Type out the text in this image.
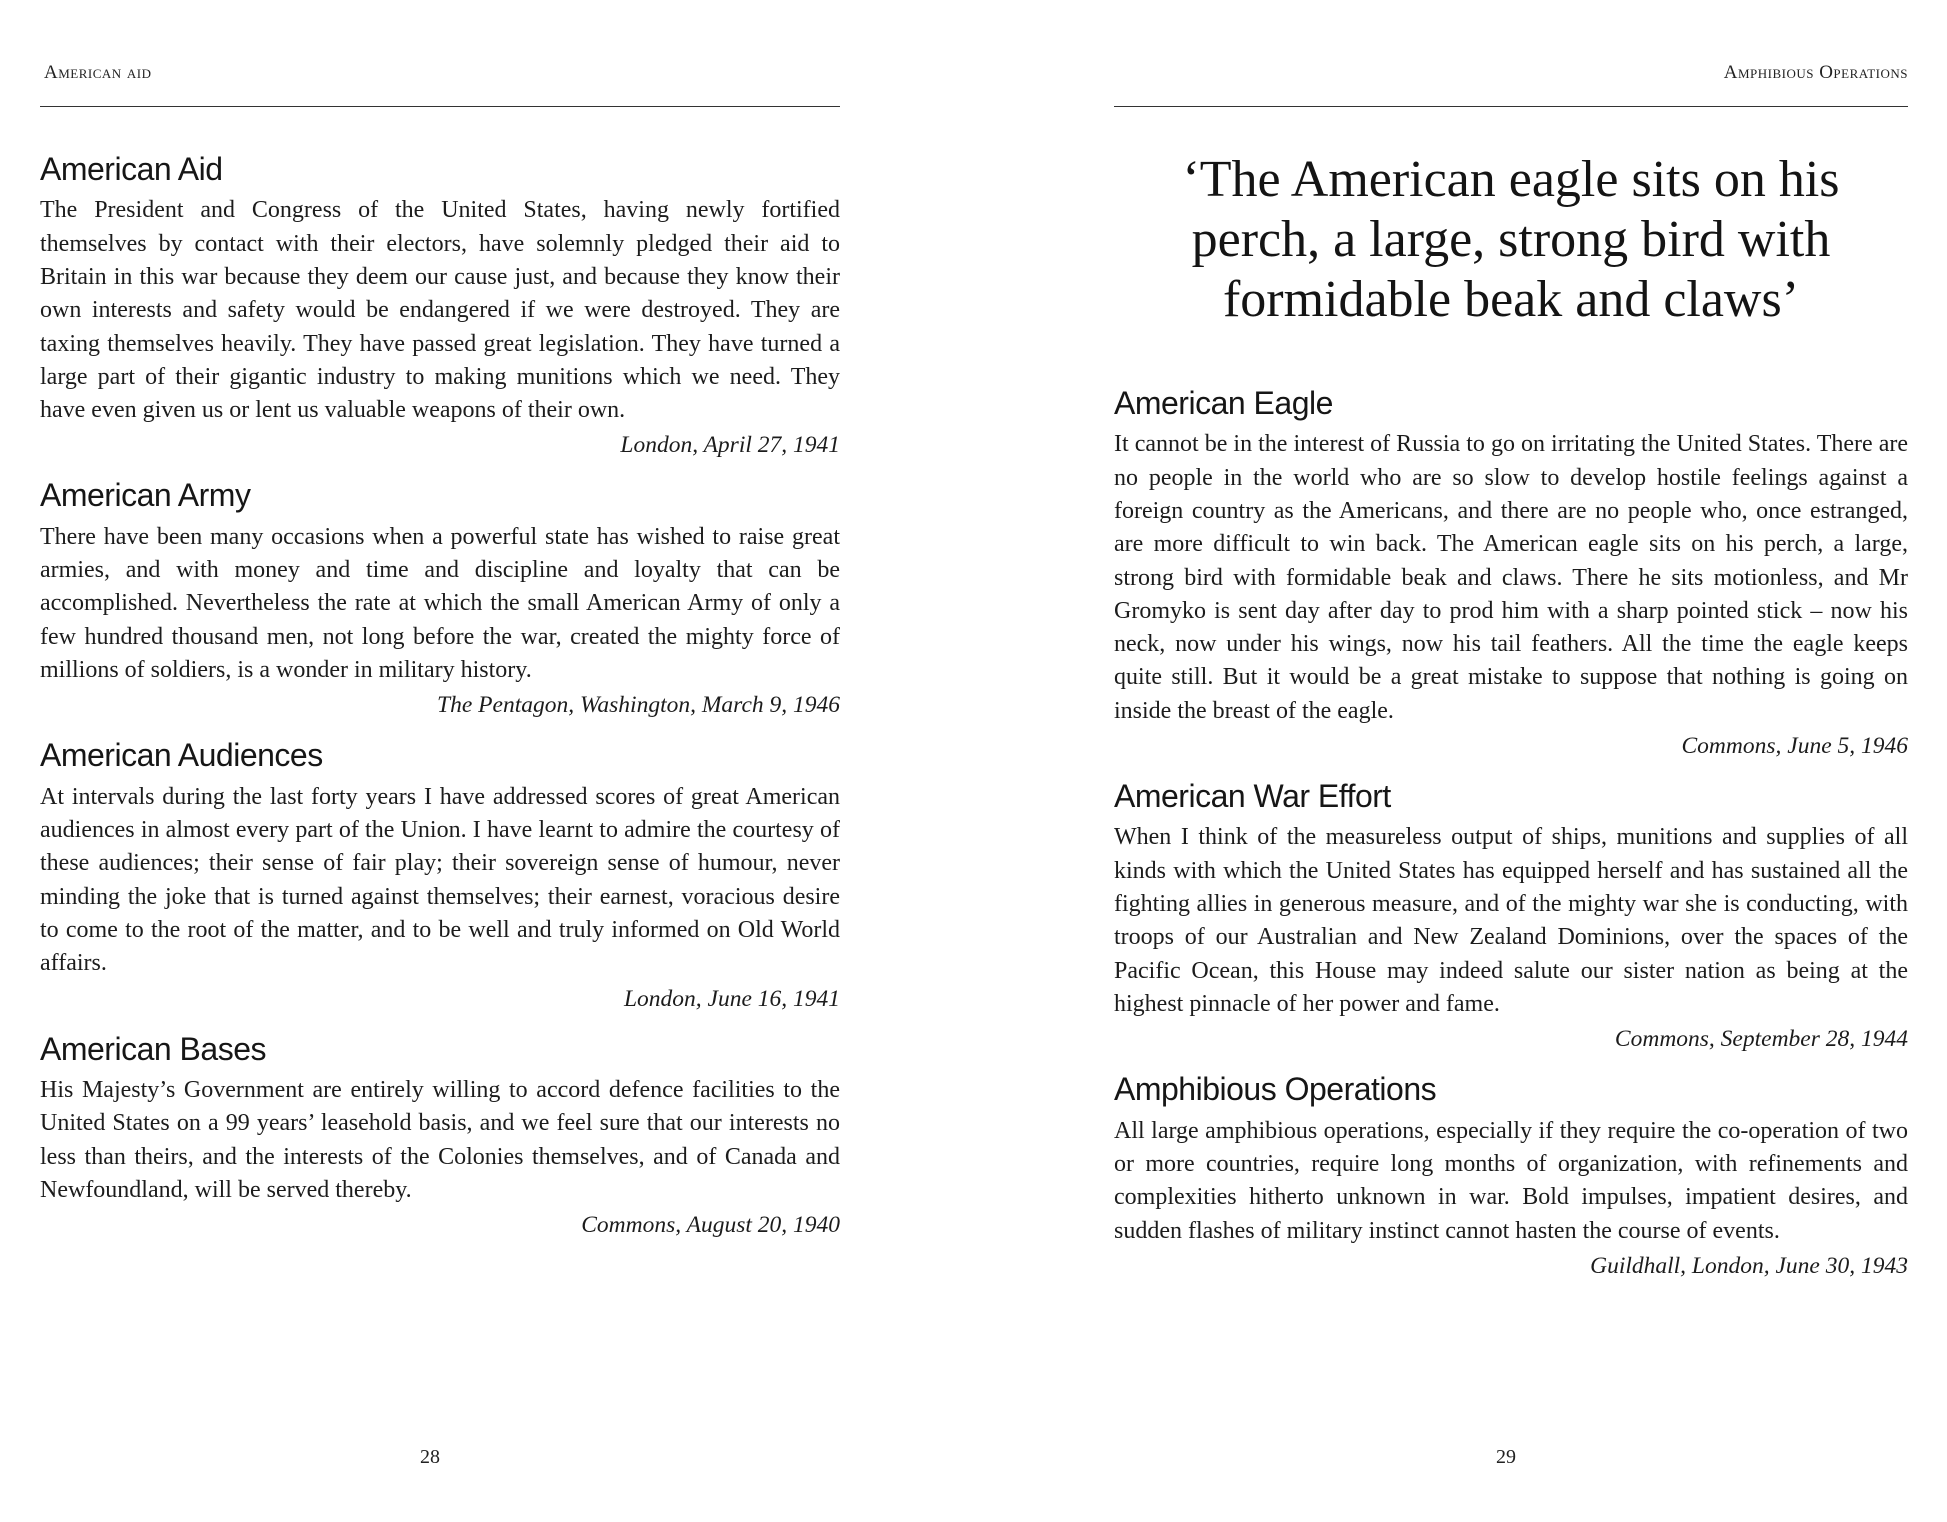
American aid
American Aid

The President and Congress of the United States, having newly fortified themselves by contact with their electors, have solemnly pledged their aid to Britain in this war because they deem our cause just, and because they know their own interests and safety would be endangered if we were destroyed. They are taxing themselves heavily. They have passed great legislation. They have turned a large part of their gigantic industry to making munitions which we need. They have even given us or lent us valuable weapons of their own.

London, April 27, 1941

American Army

There have been many occasions when a powerful state has wished to raise great armies, and with money and time and discipline and loyalty that can be accomplished. Nevertheless the rate at which the small American Army of only a few hundred thousand men, not long before the war, created the mighty force of millions of soldiers, is a wonder in military history.

The Pentagon, Washington, March 9, 1946

American Audiences

At intervals during the last forty years I have addressed scores of great American audiences in almost every part of the Union. I have learnt to admire the courtesy of these audiences; their sense of fair play; their sovereign sense of humour, never minding the joke that is turned against themselves; their earnest, voracious desire to come to the root of the matter, and to be well and truly informed on Old World affairs.

London, June 16, 1941

American Bases

His Majesty’s Government are entirely willing to accord defence facilities to the United States on a 99 years’ leasehold basis, and we feel sure that our interests no less than theirs, and the interests of the Colonies themselves, and of Canada and Newfoundland, will be served thereby.

Commons, August 20, 1940

28
Amphibious Operations
‘The American eagle sits on his perch, a large, strong bird with formidable beak and claws’
American Eagle

It cannot be in the interest of Russia to go on irritating the United States. There are no people in the world who are so slow to develop hostile feelings against a foreign country as the Americans, and there are no people who, once estranged, are more difficult to win back. The American eagle sits on his perch, a large, strong bird with formidable beak and claws. There he sits motionless, and Mr Gromyko is sent day after day to prod him with a sharp pointed stick – now his neck, now under his wings, now his tail feathers. All the time the eagle keeps quite still. But it would be a great mistake to suppose that nothing is going on inside the breast of the eagle.

Commons, June 5, 1946

American War Effort

When I think of the measureless output of ships, munitions and supplies of all kinds with which the United States has equipped herself and has sustained all the fighting allies in generous measure, and of the mighty war she is conducting, with troops of our Australian and New Zealand Dominions, over the spaces of the Pacific Ocean, this House may indeed salute our sister nation as being at the highest pinnacle of her power and fame.

Commons, September 28, 1944

Amphibious Operations

All large amphibious operations, especially if they require the co-operation of two or more countries, require long months of organization, with refinements and complexities hitherto unknown in war. Bold impulses, impatient desires, and sudden flashes of military instinct cannot hasten the course of events.

Guildhall, London, June 30, 1943

29
